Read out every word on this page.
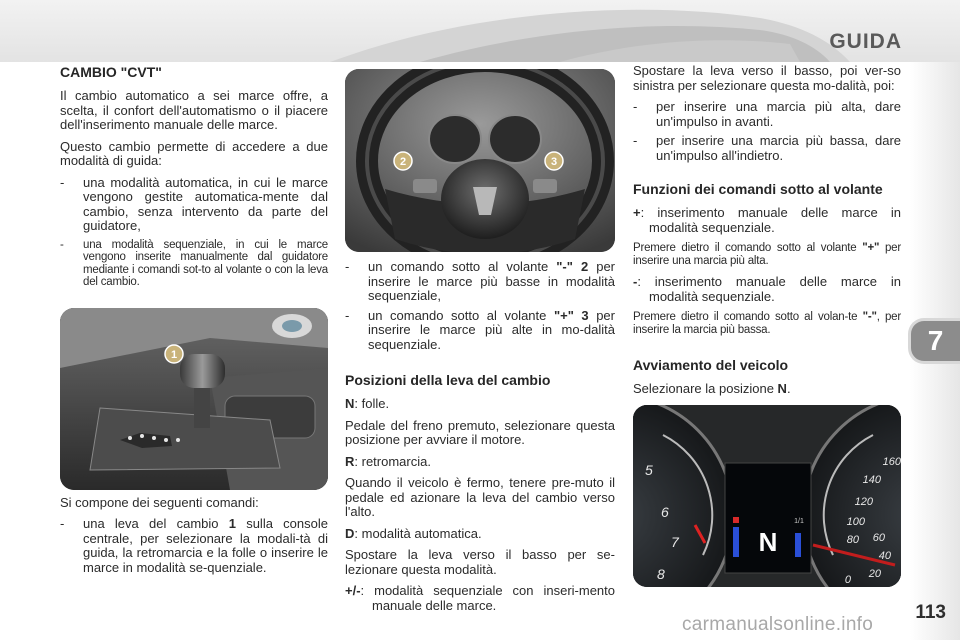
GUIDA
7
113
carmanualsonline.info
CAMBIO "CVT"

Il cambio automatico a sei marce offre, a scelta, il confort dell'automatismo o il piacere dell'inserimento manuale delle marce.

Questo cambio permette di accedere a due modalità di guida:

- una modalità automatica, in cui le marce vengono gestite automatica-mente dal cambio, senza intervento da parte del guidatore,
- una modalità sequenziale, in cui le marce vengono inserite manualmente dal guidatore mediante i comandi sot-to al volante o con la leva del cambio.
1

Si compone dei seguenti comandi:

- una leva del cambio 1 sulla console centrale, per selezionare la modali-tà di guida, la retromarcia e la folle o inserire le marce in modalità se-quenziale.
2	3
- un comando sotto al volante "-" 2 per inserire le marce più basse in modalità sequenziale,
- un comando sotto al volante "+" 3 per inserire le marce più alte in mo-dalità sequenziale.
Posizioni della leva del cambio

N: folle.

Pedale del freno premuto, selezionare questa posizione per avviare il motore.

R: retromarcia.

Quando il veicolo è fermo, tenere pre-muto il pedale ed azionare la leva del cambio verso l'alto.

D: modalità automatica.

Spostare la leva verso il basso per se-lezionare questa modalità.

+/-: modalità sequenziale con inseri-mento manuale delle marce.

Spostare la leva verso il basso, poi ver-so sinistra per selezionare questa mo-dalità, poi:

- per inserire una marcia più alta, dare un'impulso in avanti.
- per inserire una marcia più bassa, dare un'impulso all'indietro.
Funzioni dei comandi sotto al volante

+: inserimento manuale delle marce in modalità sequenziale.

Premere dietro il comando sotto al volante "+" per inserire una marcia più alta.

-: inserimento manuale delle marce in modalità sequenziale.

Premere dietro il comando sotto al volan-te "-", per inserire la marcia più bassa.

Avviamento del veicolo

Selezionare la posizione N.

5
6
7
8
160
140
120
100
80 60
40
20
0
N
1/1
